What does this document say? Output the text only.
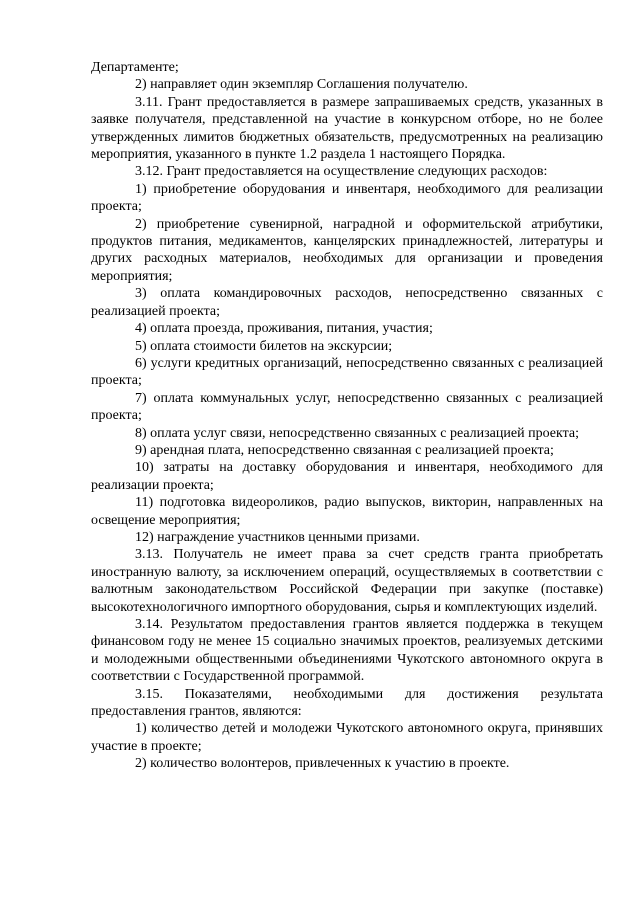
Департаменте;

2) направляет один экземпляр Соглашения получателю.

3.11. Грант предоставляется в размере запрашиваемых средств, указанных в заявке получателя, представленной на участие в конкурсном отборе, но не более утвержденных лимитов бюджетных обязательств, предусмотренных на реализацию мероприятия, указанного в пункте 1.2 раздела 1 настоящего Порядка.

3.12. Грант предоставляется на осуществление следующих расходов:

1) приобретение оборудования и инвентаря, необходимого для реализации проекта;

2) приобретение сувенирной, наградной и оформительской атрибутики, продуктов питания, медикаментов, канцелярских принадлежностей, литературы и других расходных материалов, необходимых для организации и проведения мероприятия;

3) оплата командировочных расходов, непосредственно связанных с реализацией проекта;

4) оплата проезда, проживания, питания, участия;

5) оплата стоимости билетов на экскурсии;

6) услуги кредитных организаций, непосредственно связанных с реализацией проекта;

7) оплата коммунальных услуг, непосредственно связанных с реализацией проекта;

8) оплата услуг связи, непосредственно связанных с реализацией проекта;

9) арендная плата, непосредственно связанная с реализацией проекта;

10) затраты на доставку оборудования и инвентаря, необходимого для реализации проекта;

11) подготовка видеороликов, радио выпусков, викторин, направленных на освещение мероприятия;

12) награждение участников ценными призами.

3.13. Получатель не имеет права за счет средств гранта приобретать иностранную валюту, за исключением операций, осуществляемых в соответствии с валютным законодательством Российской Федерации при закупке (поставке) высокотехнологичного импортного оборудования, сырья и комплектующих изделий.

3.14. Результатом предоставления грантов является поддержка в текущем финансовом году не менее 15 социально значимых проектов, реализуемых детскими и молодежными общественными объединениями Чукотского автономного округа в соответствии с Государственной программой.

3.15. Показателями, необходимыми для достижения результата предоставления грантов, являются:

1) количество детей и молодежи Чукотского автономного округа, принявших участие в проекте;

2) количество волонтеров, привлеченных к участию в проекте.
